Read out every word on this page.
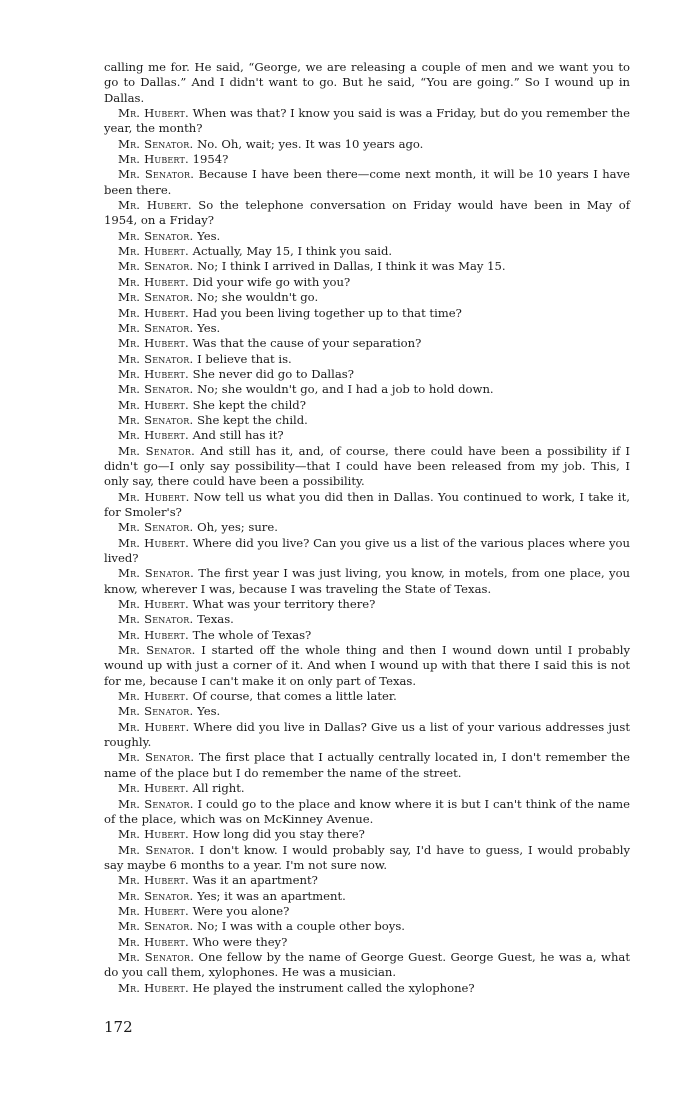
calling me for. He said, “George, we are releasing a couple of men and we want you to go to Dallas.” And I didn't want to go. But he said, “You are going.” So I wound up in Dallas.

Mr. Hubert. When was that? I know you said is was a Friday, but do you remember the year, the month?

Mr. Senator. No. Oh, wait; yes. It was 10 years ago.

Mr. Hubert. 1954?

Mr. Senator. Because I have been there—come next month, it will be 10 years I have been there.

Mr. Hubert. So the telephone conversation on Friday would have been in May of 1954, on a Friday?

Mr. Senator. Yes.

Mr. Hubert. Actually, May 15, I think you said.

Mr. Senator. No; I think I arrived in Dallas, I think it was May 15.

Mr. Hubert. Did your wife go with you?

Mr. Senator. No; she wouldn't go.

Mr. Hubert. Had you been living together up to that time?

Mr. Senator. Yes.

Mr. Hubert. Was that the cause of your separation?

Mr. Senator. I believe that is.

Mr. Hubert. She never did go to Dallas?

Mr. Senator. No; she wouldn't go, and I had a job to hold down.

Mr. Hubert. She kept the child?

Mr. Senator. She kept the child.

Mr. Hubert. And still has it?

Mr. Senator. And still has it, and, of course, there could have been a possibility if I didn't go—I only say possibility—that I could have been released from my job. This, I only say, there could have been a possibility.

Mr. Hubert. Now tell us what you did then in Dallas. You continued to work, I take it, for Smoler's?

Mr. Senator. Oh, yes; sure.

Mr. Hubert. Where did you live? Can you give us a list of the various places where you lived?

Mr. Senator. The first year I was just living, you know, in motels, from one place, you know, wherever I was, because I was traveling the State of Texas.

Mr. Hubert. What was your territory there?

Mr. Senator. Texas.

Mr. Hubert. The whole of Texas?

Mr. Senator. I started off the whole thing and then I wound down until I probably wound up with just a corner of it. And when I wound up with that there I said this is not for me, because I can't make it on only part of Texas.

Mr. Hubert. Of course, that comes a little later.

Mr. Senator. Yes.

Mr. Hubert. Where did you live in Dallas? Give us a list of your various addresses just roughly.

Mr. Senator. The first place that I actually centrally located in, I don't remember the name of the place but I do remember the name of the street.

Mr. Hubert. All right.

Mr. Senator. I could go to the place and know where it is but I can't think of the name of the place, which was on McKinney Avenue.

Mr. Hubert. How long did you stay there?

Mr. Senator. I don't know. I would probably say, I'd have to guess, I would probably say maybe 6 months to a year. I'm not sure now.

Mr. Hubert. Was it an apartment?

Mr. Senator. Yes; it was an apartment.

Mr. Hubert. Were you alone?

Mr. Senator. No; I was with a couple other boys.

Mr. Hubert. Who were they?

Mr. Senator. One fellow by the name of George Guest. George Guest, he was a, what do you call them, xylophones. He was a musician.

Mr. Hubert. He played the instrument called the xylophone?

172
